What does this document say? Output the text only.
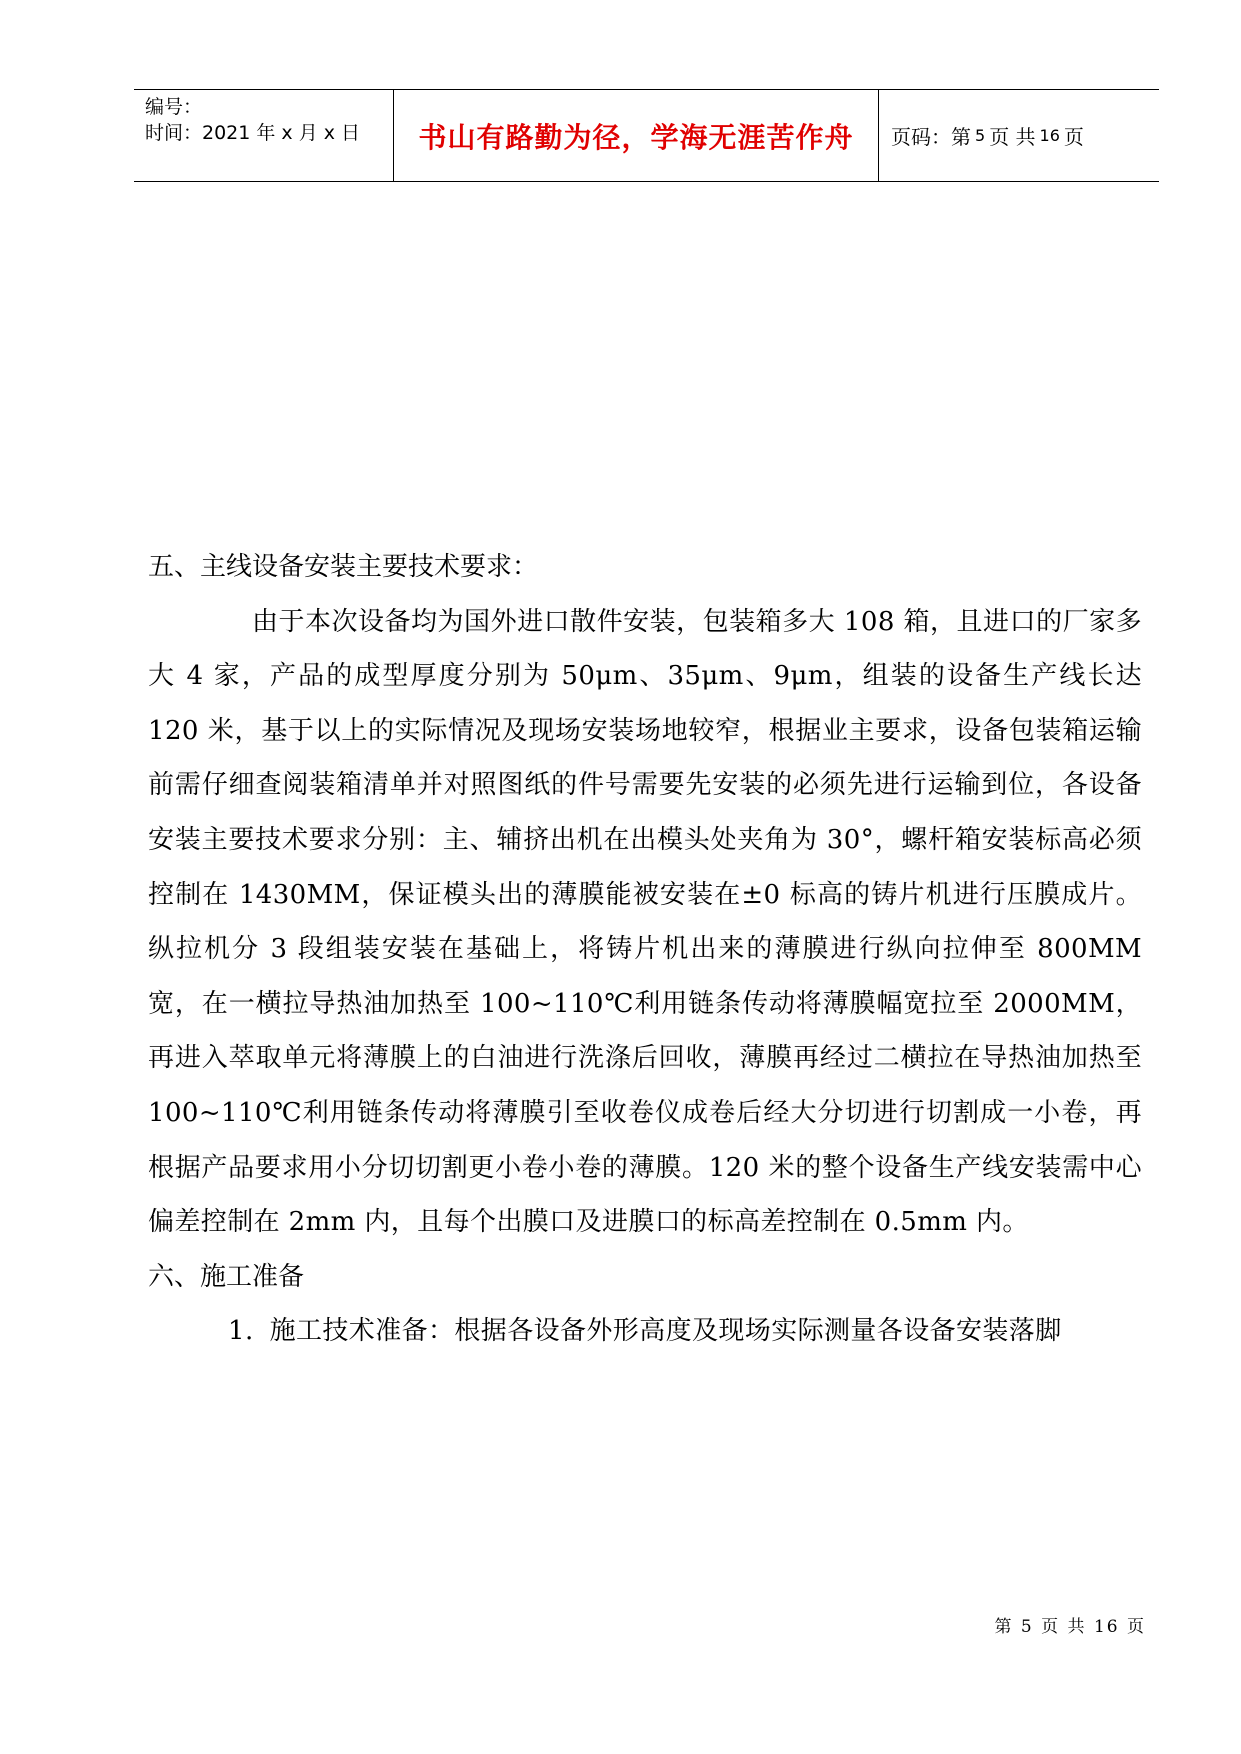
编号：
时间：2021 年 x 月 x 日	书山有路勤为径，学海无涯苦作舟 页码：第 5 页 共 16 页

五、主线设备安装主要技术要求：

由于本次设备均为国外进口散件安装，包装箱多大 108 箱，且进口的厂家多大 4 家，产品的成型厚度分别为 50μm、35μm、9μm，组装的设备生产线长达 120 米，基于以上的实际情况及现场安装场地较窄，根据业主要求，设备包装箱运输前需仔细查阅装箱清单并对照图纸的件号需要先安装的必须先进行运输到位，各设备安装主要技术要求分别：主、辅挤出机在出模头处夹角为 30°，螺杆箱安装标高必须控制在 1430MM，保证模头出的薄膜能被安装在±0 标高的铸片机进行压膜成片。纵拉机分 3 段组装安装在基础上，将铸片机出来的薄膜进行纵向拉伸至 800MM 宽，在一横拉导热油加热至 100~110℃利用链条传动将薄膜幅宽拉至 2000MM，再进入萃取单元将薄膜上的白油进行洗涤后回收，薄膜再经过二横拉在导热油加热至 100~110℃利用链条传动将薄膜引至收卷仪成卷后经大分切进行切割成一小卷，再根据产品要求用小分切切割更小卷小卷的薄膜。120 米的整个设备生产线安装需中心偏差控制在 2mm 内，且每个出膜口及进膜口的标高差控制在 0.5mm 内。

六、施工准备

1. 施工技术准备：根据各设备外形高度及现场实际测量各设备安装落脚

第 5 页 共 16 页
